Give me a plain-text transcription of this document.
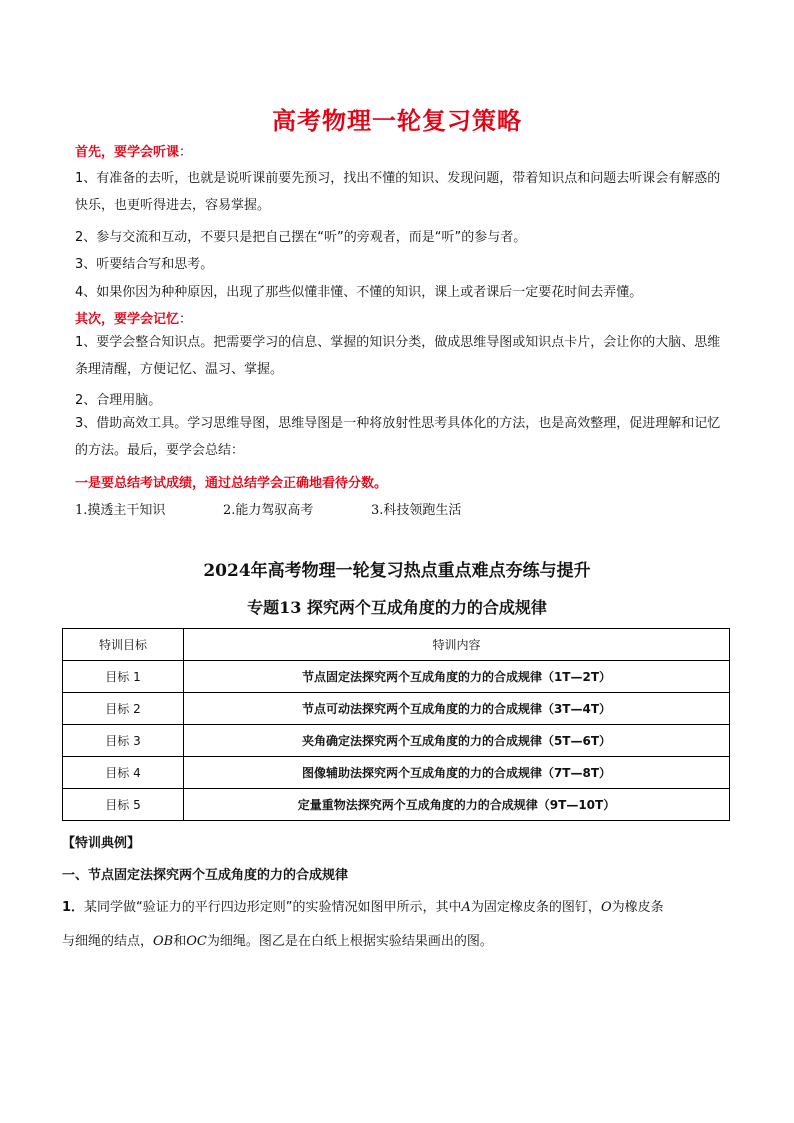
高考物理一轮复习策略
首先，要学会听课：
1、有准备的去听，也就是说听课前要先预习，找出不懂的知识、发现问题，带着知识点和问题去听课会有解惑的快乐，也更听得进去，容易掌握。
2、参与交流和互动，不要只是把自己摆在“听”的旁观者，而是“听”的参与者。
3、听要结合写和思考。
4、如果你因为种种原因，出现了那些似懂非懂、不懂的知识，课上或者课后一定要花时间去弄懂。
其次，要学会记忆：
1、要学会整合知识点。把需要学习的信息、掌握的知识分类，做成思维导图或知识点卡片，会让你的大脑、思维条理清醒，方便记忆、温习、掌握。
2、合理用脑。
3、借助高效工具。学习思维导图，思维导图是一种将放射性思考具体化的方法，也是高效整理，促进理解和记忆的方法。最后，要学会总结：
一是要总结考试成绩，通过总结学会正确地看待分数。
1.摸透主干知识	2.能力驾驭高考	3.科技领跑生活
2024年高考物理一轮复习热点重点难点夯练与提升
专题13 探究两个互成角度的力的合成规律
特训目标	特训内容
目标 1	节点固定法探究两个互成角度的力的合成规律（1T—2T）
目标 2	节点可动法探究两个互成角度的力的合成规律（3T—4T）
目标 3	夹角确定法探究两个互成角度的力的合成规律（5T—6T）
目标 4	图像辅助法探究两个互成角度的力的合成规律（7T—8T）
目标 5	定量重物法探究两个互成角度的力的合成规律（9T—10T）
【特训典例】
一、节点固定法探究两个互成角度的力的合成规律
1．某同学做“验证力的平行四边形定则”的实验情况如图甲所示，其中A为固定橡皮条的图钉，O为橡皮条
与细绳的结点，OB和OC为细绳。图乙是在白纸上根据实验结果画出的图。
